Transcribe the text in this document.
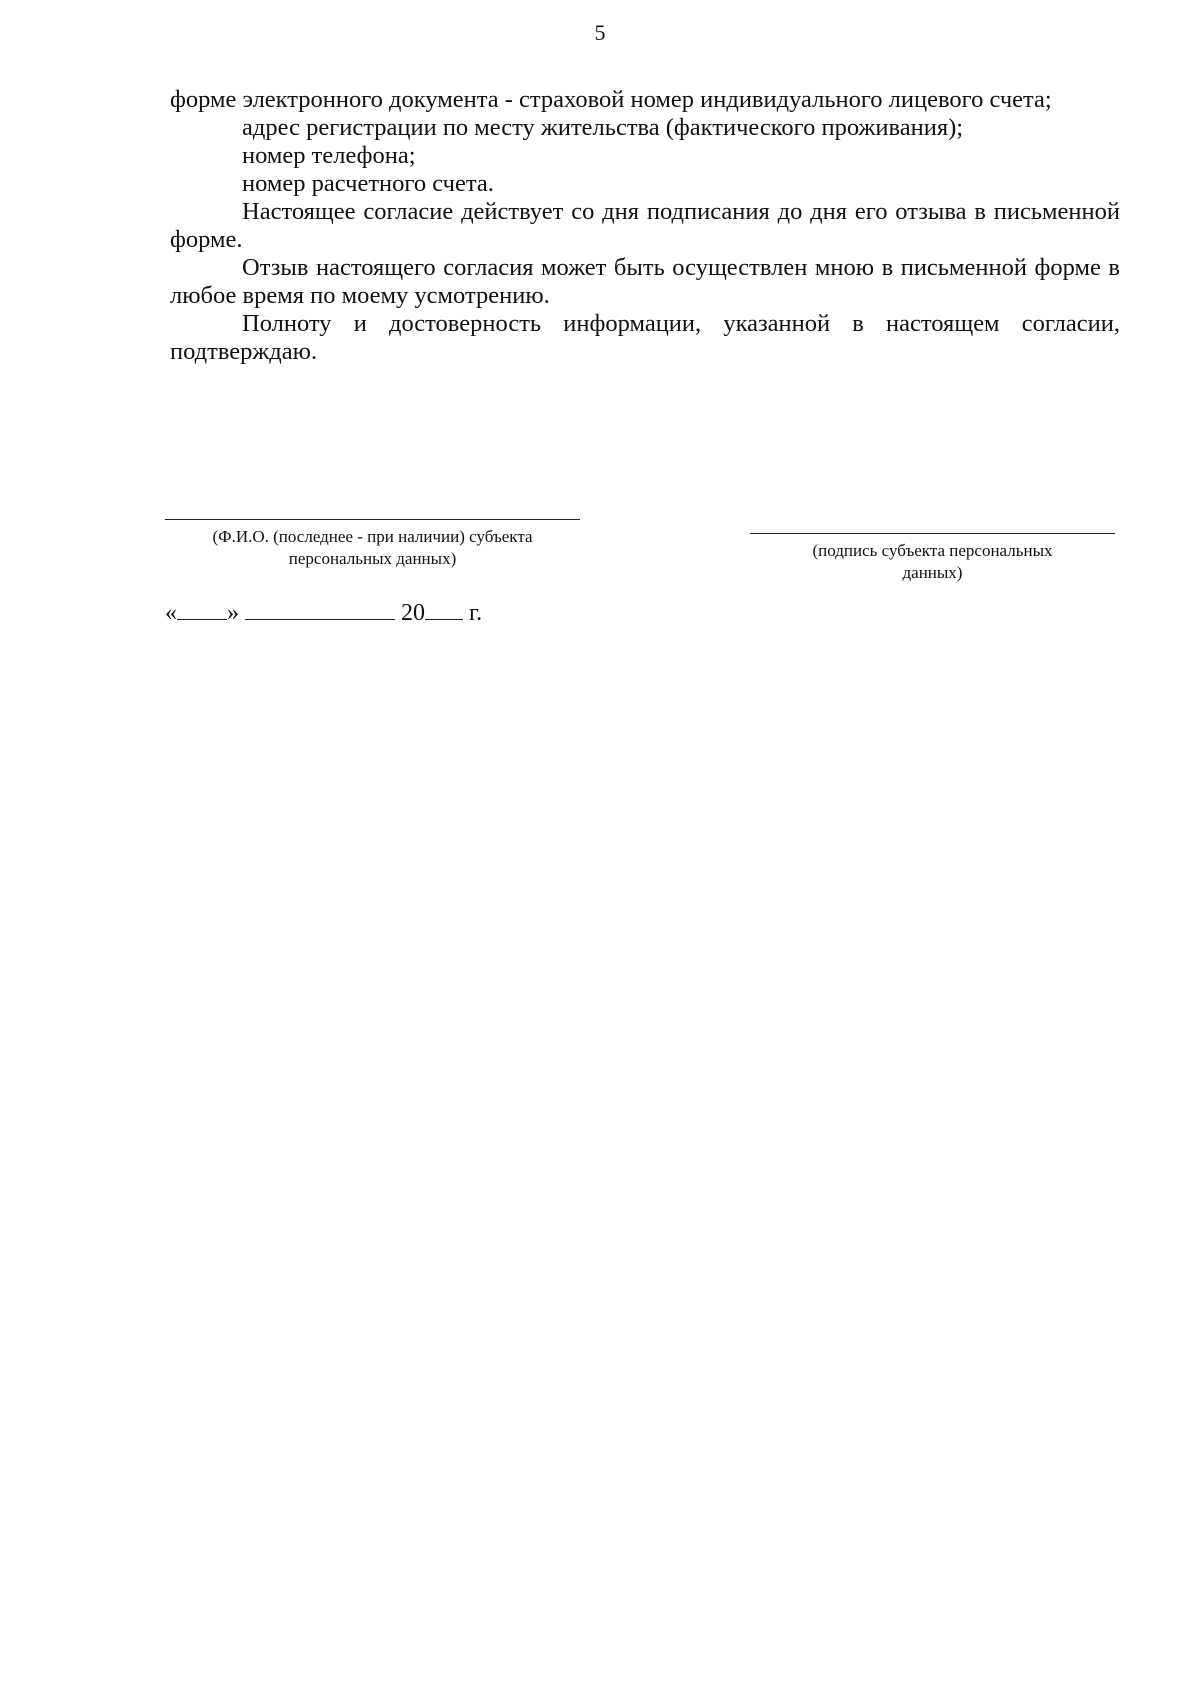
5

форме электронного документа - страховой номер индивидуального лицевого счета;

адрес регистрации по месту жительства (фактического проживания);

номер телефона;

номер расчетного счета.

Настоящее согласие действует со дня подписания до дня его отзыва в письменной форме.

Отзыв настоящего согласия может быть осуществлен мною в письменной форме в любое время по моему усмотрению.

Полноту и достоверность информации, указанной в настоящем согласии, подтверждаю.

(Ф.И.О. (последнее - при наличии) субъекта
персональных данных)	(подпись субъекта персональных
данных)
« »	20 г.
